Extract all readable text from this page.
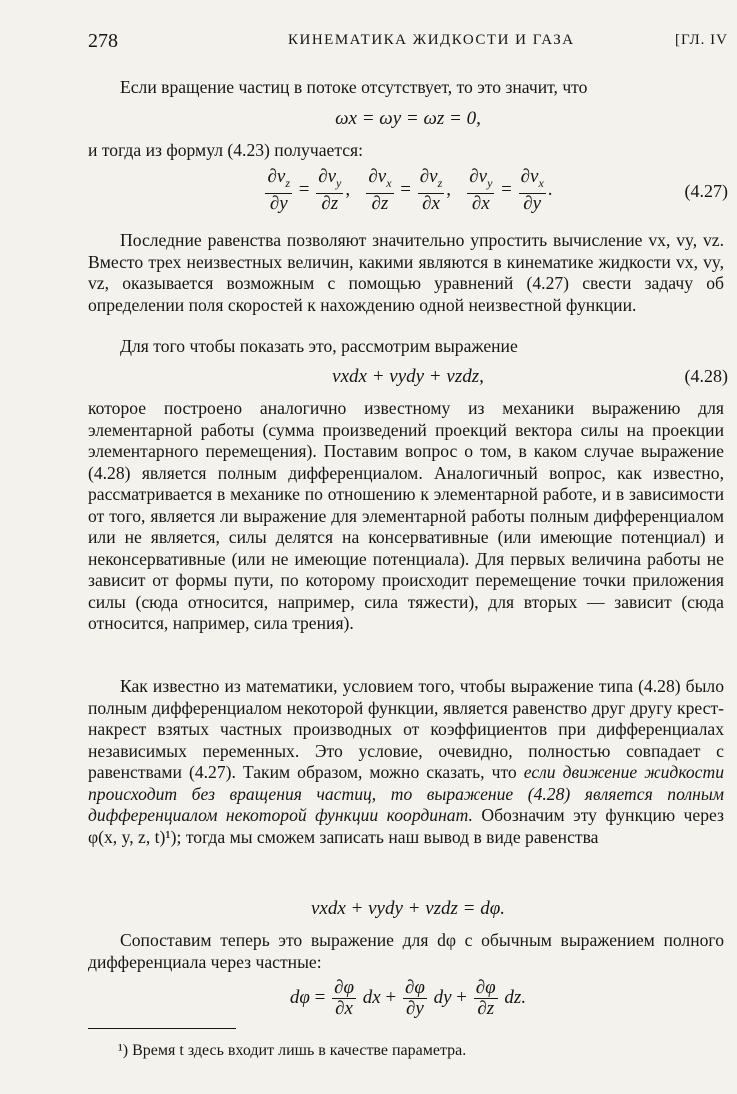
278	КИНЕМАТИКА ЖИДКОСТИ И ГАЗА	[ГЛ. IV

Если вращение частиц в потоке отсутствует, то это значит, что

ωx = ωy = ωz = 0,

и тогда из формул (4.23) получается:

$\frac{\partial v_z}{\partial y} = \frac{\partial v_y}{\partial z}$ , $\frac{\partial v_x}{\partial z} = \frac{\partial v_z}{\partial x}$ , $\frac{\partial v_y}{\partial x} = \frac{\partial v_x}{\partial y}$ .	(4.27)

Последние равенства позволяют значительно упростить вычисление vx, vy, vz. Вместо трех неизвестных величин, какими являются в кинематике жидкости vx, vy, vz, оказывается возможным с помощью уравнений (4.27) свести задачу об определении поля скоростей к нахождению одной неизвестной функции.

Для того чтобы показать это, рассмотрим выражение

vxdx + vydy + vzdz,	(4.28)

которое построено аналогично известному из механики выражению для элементарной работы (сумма произведений проекций вектора силы на проекции элементарного перемещения). Поставим вопрос о том, в каком случае выражение (4.28) является полным дифференциалом. Аналогичный вопрос, как известно, рассматривается в механике по отношению к элементарной работе, и в зависимости от того, является ли выражение для элементарной работы полным дифференциалом или не является, силы делятся на консервативные (или имеющие потенциал) и неконсервативные (или не имеющие потенциала). Для первых величина работы не зависит от формы пути, по которому происходит перемещение точки приложения силы (сюда относится, например, сила тяжести), для вторых — зависит (сюда относится, например, сила трения).

Как известно из математики, условием того, чтобы выражение типа (4.28) было полным дифференциалом некоторой функции, является равенство друг другу крест-накрест взятых частных производных от коэффициентов при дифференциалах независимых переменных. Это условие, очевидно, полностью совпадает с равенствами (4.27). Таким образом, можно сказать, что если движение жидкости происходит без вращения частиц, то выражение (4.28) является полным дифференциалом некоторой функции координат. Обозначим эту функцию через φ(x, y, z, t)¹); тогда мы сможем записать наш вывод в виде равенства

vxdx + vydy + vzdz = dφ.

Сопоставим теперь это выражение для dφ с обычным выражением полного дифференциала через частные:

$d\varphi = \frac{\partial\varphi}{\partial x}$ dx + $\frac{\partial\varphi}{\partial y}$ dy + $\frac{\partial\varphi}{\partial z}$ dz.
¹) Время t здесь входит лишь в качестве параметра.
